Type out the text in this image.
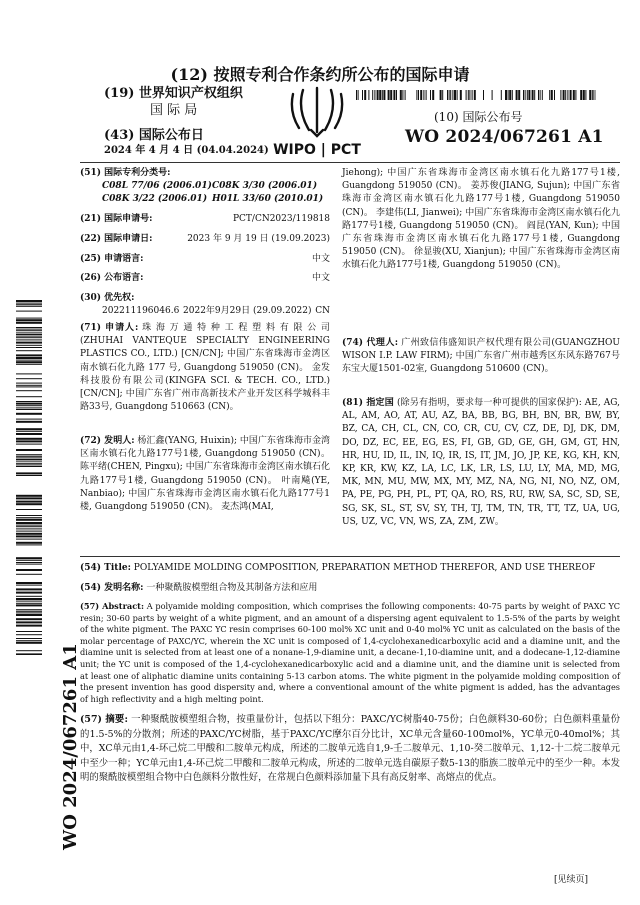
(12) 按照专利合作条约所公布的国际申请
(19) 世界知识产权组织
国 际 局
(43) 国际公布日
2024 年 4 月 4 日 (04.04.2024) WIPO | PCT
(10) 国际公布号
WO 2024/067261 A1
WO 2024/067261 A1
(51) 国际专利分类号:
C08L 77/06 (2006.01) C08K 3/30 (2006.01)
C08K 3/22 (2006.01) H01L 33/60 (2010.01)
(21) 国际申请号:	PCT/CN2023/119818
(22) 国际申请日:	2023 年 9 月 19 日 (19.09.2023)
(25) 申请语言:	中文
(26) 公布语言:	中文
(30) 优先权:
202211196046.6 2022年9月29日 (29.09.2022) CN
(71) 申请人: 珠 海 万 通 特 种 工 程 塑 料 有 限 公 司 (ZHUHAI VANTEQUE SPECIALTY ENGINEERING PLASTICS CO., LTD.) [CN/CN]; 中国广东省珠海市金湾区南水镇石化九路 177 号, Guangdong 519050 (CN)。 金发科技股份有限公司(KINGFA SCI. & TECH. CO., LTD.) [CN/CN]; 中国广东省广州市高新技术产业开发区科学城科丰路33号, Guangdong 510663 (CN)。
(72) 发明人: 杨汇鑫(YANG, Huixin); 中国广东省珠海市金湾区南水镇石化九路177号1楼, Guangdong 519050 (CN)。 陈平绪(CHEN, Pingxu); 中国广东省珠海市金湾区南水镇石化九路177号1楼, Guangdong 519050 (CN)。 叶南飚(YE, Nanbiao); 中国广东省珠海市金湾区南水镇石化九路177号1楼, Guangdong 519050 (CN)。 麦杰鸿(MAI,
Jiehong); 中国广东省珠海市金湾区南水镇石化九路177号1楼, Guangdong 519050 (CN)。 姜苏俊(JIANG, Sujun); 中国广东省珠海市金湾区南水镇石化九路177号1楼, Guangdong 519050 (CN)。 李建伟(LI, Jianwei); 中国广东省珠海市金湾区南水镇石化九路177号1楼, Guangdong 519050 (CN)。 阎昆(YAN, Kun); 中国广东省珠海市金湾区南水镇石化九路177号1楼, Guangdong 519050 (CN)。 徐显骏(XU, Xianjun); 中国广东省珠海市金湾区南水镇石化九路177号1楼, Guangdong 519050 (CN)。
(74) 代理人: 广州致信伟盛知识产权代理有限公司(GUANGZHOU WISON I.P. LAW FIRM); 中国广东省广州市越秀区东风东路767号东宝大厦1501-02室, Guangdong 510600 (CN)。
(81) 指定国 (除另有指明，要求每一种可提供的国家保护): AE, AG, AL, AM, AO, AT, AU, AZ, BA, BB, BG, BH, BN, BR, BW, BY, BZ, CA, CH, CL, CN, CO, CR, CU, CV, CZ, DE, DJ, DK, DM, DO, DZ, EC, EE, EG, ES, FI, GB, GD, GE, GH, GM, GT, HN, HR, HU, ID, IL, IN, IQ, IR, IS, IT, JM, JO, JP, KE, KG, KH, KN, KP, KR, KW, KZ, LA, LC, LK, LR, LS, LU, LY, MA, MD, MG, MK, MN, MU, MW, MX, MY, MZ, NA, NG, NI, NO, NZ, OM, PA, PE, PG, PH, PL, PT, QA, RO, RS, RU, RW, SA, SC, SD, SE, SG, SK, SL, ST, SV, SY, TH, TJ, TM, TN, TR, TT, TZ, UA, UG, US, UZ, VC, VN, WS, ZA, ZM, ZW。
(54) Title: POLYAMIDE MOLDING COMPOSITION, PREPARATION METHOD THEREFOR, AND USE THEREOF
(54) 发明名称: 一种聚酰胺模塑组合物及其制备方法和应用
(57) Abstract: A polyamide molding composition, which comprises the following components: 40-75 parts by weight of PAXC YC resin; 30-60 parts by weight of a white pigment, and an amount of a dispersing agent equivalent to 1.5-5% of the parts by weight of the white pigment. The PAXC YC resin comprises 60-100 mol% XC unit and 0-40 mol% YC unit as calculated on the basis of the molar percentage of PAXC/YC, wherein the XC unit is composed of 1,4-cyclohexanedicarboxylic acid and a diamine unit, and the diamine unit is selected from at least one of a nonane-1,9-diamine unit, a decane-1,10-diamine unit, and a dodecane-1,12-diamine unit; the YC unit is composed of the 1,4-cyclohexanedicarboxylic acid and a diamine unit, and the diamine unit is selected from at least one of aliphatic diamine units containing 5-13 carbon atoms. The white pigment in the polyamide molding composition of the present invention has good dispersity and, where a conventional amount of the white pigment is added, has the advantages of high reflectivity and a high melting point.
(57) 摘要: 一种聚酰胺模塑组合物，按重量份计，包括以下组分：PAXC/YC树脂40-75份；白色颜料30-60份；白色颜料重量份的1.5-5%的分散剂；所述的PAXC/YC树脂，基于PAXC/YC摩尔百分比计，XC单元含量60-100mol%，YC单元0-40mol%；其中，XC单元由1,4-环己烷二甲酸和二胺单元构成，所述的二胺单元选自1,9-壬二胺单元、1,10-癸二胺单元、1,12-十二烷二胺单元中至少一种；YC单元由1,4-环己烷二甲酸和二胺单元构成，所述的二胺单元选自碳原子数5-13的脂族二胺单元中的至少一种。本发明的聚酰胺模塑组合物中白色颜料分散性好，在常规白色颜料添加量下具有高反射率、高熔点的优点。
[见续页]
